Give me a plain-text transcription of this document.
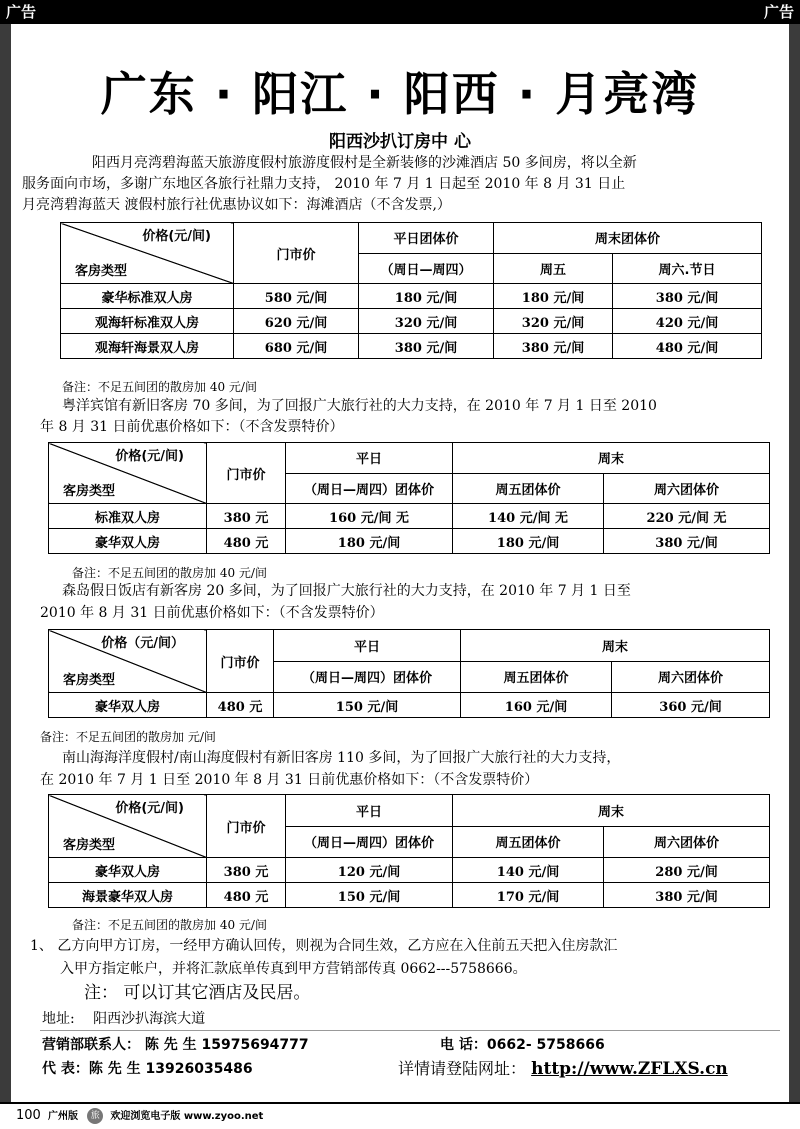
广告	广告
广东 · 阳江 · 阳西 · 月亮湾
阳西沙扒订房中 心
阳西月亮湾碧海蓝天旅游度假村旅游度假村是全新装修的沙滩酒店 50 多间房，将以全新
服务面向市场，多谢广东地区各旅行社鼎力支持， 2010 年 7 月 1 日起至 2010 年 8 月 31 日止
月亮湾碧海蓝天 渡假村旅行社优惠协议如下：海滩酒店（不含发票,）
价格(元/间)
客房类型	门市价	平日团体价	周末团体价	
		（周日—周四）	周五	周六.节日
豪华标准双人房	580 元/间	180 元/间	180 元/间	380 元/间
观海轩标准双人房	620 元/间	320 元/间	320 元/间	420 元/间
观海轩海景双人房	680 元/间	380 元/间	380 元/间	480 元/间
备注：不足五间团的散房加 40 元/间
粤洋宾馆有新旧客房 70 多间，为了回报广大旅行社的大力支持，在 2010 年 7 月 1 日至 2010
年 8 月 31 日前优惠价格如下：（不含发票特价）
价格(元/间)
客房类型	门市价	平日	周末	
		（周日—周四）团体价	周五团体价	周六团体价
标准双人房	380 元	160 元/间 无	140 元/间 无	220 元/间 无
豪华双人房	480 元	180 元/间	180 元/间	380 元/间
备注：不足五间团的散房加 40 元/间
森岛假日饭店有新客房 20 多间，为了回报广大旅行社的大力支持，在 2010 年 7 月 1 日至
2010 年 8 月 31 日前优惠价格如下：（不含发票特价）
价格（元/间）
客房类型	门市价	平日	周末	
		（周日—周四）团体价	周五团体价	周六团体价
豪华双人房	480 元	150 元/间	160 元/间	360 元/间
备注：不足五间团的散房加 元/间
南山海海洋度假村/南山海度假村有新旧客房 110 多间，为了回报广大旅行社的大力支持，
在 2010 年 7 月 1 日至 2010 年 8 月 31 日前优惠价格如下：（不含发票特价）
价格(元/间)
客房类型	门市价	平日	周末	
		（周日—周四）团体价	周五团体价	周六团体价
豪华双人房	380 元	120 元/间	140 元/间	280 元/间
海景豪华双人房	480 元	150 元/间	170 元/间	380 元/间
备注：不足五间团的散房加 40 元/间
1、 乙方向甲方订房，一经甲方确认回传，则视为合同生效，乙方应在入住前五天把入住房款汇
入甲方指定帐户，并将汇款底单传真到甲方营销部传真 0662---5758666。
注： 可以订其它酒店及民居。
地址: 阳西沙扒海滨大道
营销部联系人： 陈 先 生 15975694777	电 话：0662- 5758666
代 表：陈 先 生 13926035486	详情请登陆网址： http://www.ZFLXS.cn
100 广州版 旅 欢迎浏览电子版 www.zyoo.net
